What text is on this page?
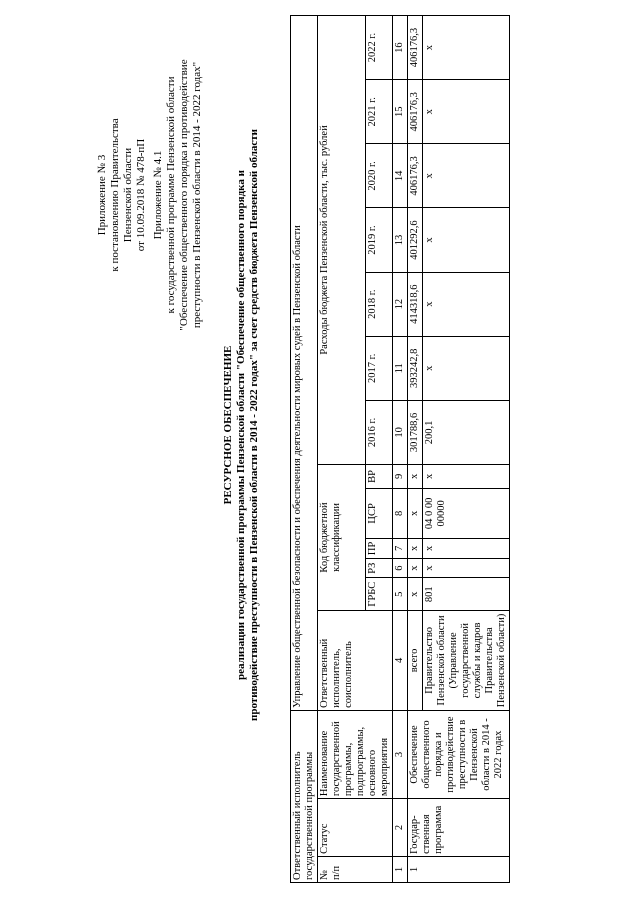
Приложение № 3 к постановлению Правительства Пензенской области от 10.09.2018 № 478-пП Приложение № 4.1 к государственной программе Пензенской области "Обеспечение общественного порядка и противодействие преступности в Пензенской области в 2014 - 2022 годах"
РЕСУРСНОЕ ОБЕСПЕЧЕНИЕ реализации государственной программы Пензенской области "Обеспечение общественного порядка и противодействие преступности в Пензенской области в 2014 - 2022 годах" за счет средств бюджета Пензенской области
Ответственный исполнитель государственной программы			Управление общественной безопасности и обеспечения деятельности мировых судей в Пензенской области												
№ п/п	Статус	Наименование государственной программы, подпрограммы, основного мероприятия	Ответственный исполнитель, соисполнитель	Код бюджетной классификации					Расходы бюджета Пензенской области, тыс. рублей						
				ГРБС	РЗ	ПР	ЦСР	ВР	2016 г.	2017 г.	2018 г.	2019 г.	2020 г.	2021 г.	2022 г.
1	2	3	4	5	6	7	8	9	10	11	12	13	14	15	16
1	Государ-ственная программа	Обеспечение общественного порядка и противодействие преступности в Пензенской области в 2014 - 2022 годах	всего	x	x	x	x	x	301788,6	393242,8	414318,6	401292,6	406176,3	406176,3	406176,3
			Правительство Пензенской области (Управление государственной службы и кадров Правительства Пензенской области)	801	x	x	04 0 00 00000	x	200,1	x	x	x	x	x	x
